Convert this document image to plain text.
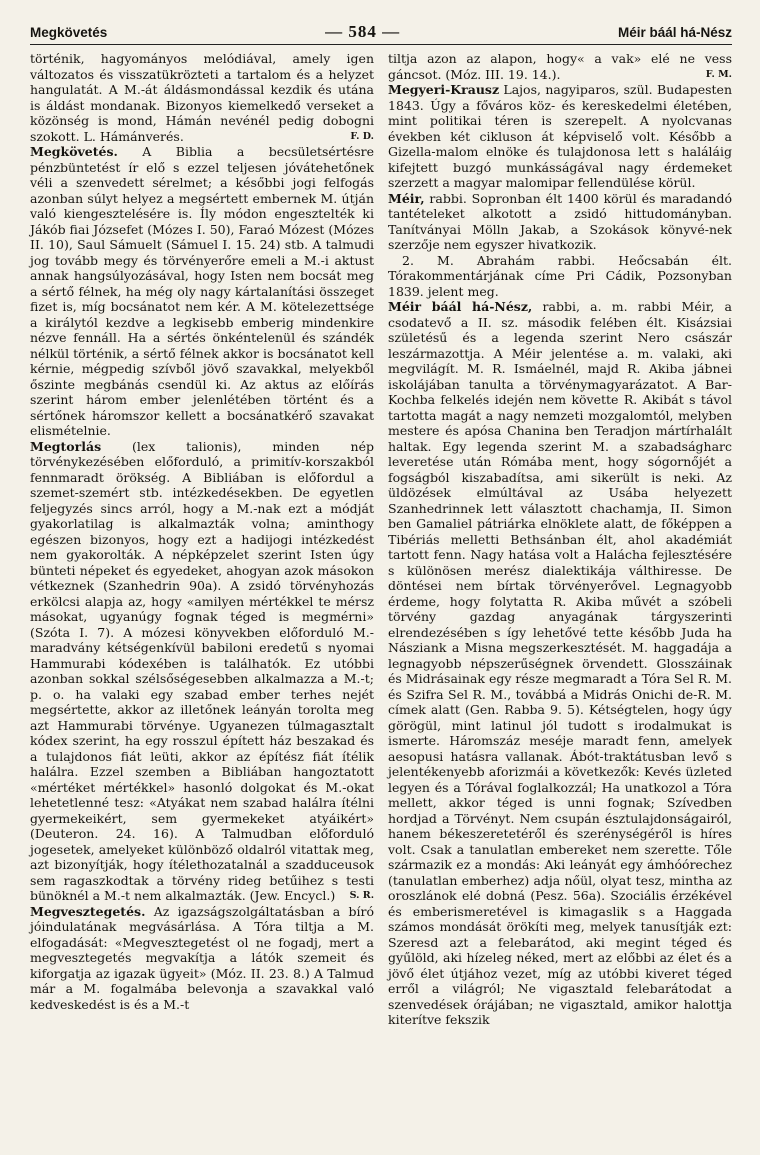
Megkövetés	— 584 —	Méir báál há-Nész

történik, hagyományos melódiával, amely igen változatos és visszatükrözteti a tartalom és a helyzet hangulatát. A M.-át áldásmondással kezdik és utána is áldást mondanak. Bizonyos kiemelkedő verseket a közönség is mond, Hámán nevénél pedig dobogni szokott. L. Hámánverés.	F. D.

Megkövetés. A Biblia a becsületsértésre pénzbüntetést ír elő s ezzel teljesen jóvátehetőnek véli a szenvedett sérelmet; a későbbi jogi felfogás azonban súlyt helyez a megsértett embernek M. útján való kiengesztelésére is. Íly módon engesztelték ki Jákób fiai Józsefet (Mózes I. 50), Faraó Mózest (Mózes II. 10), Saul Sámuelt (Sámuel I. 15. 24) stb. A talmudi jog tovább megy és törvényerőre emeli a M.-i aktust annak hangsúlyozásával, hogy Isten nem bocsát meg a sértő félnek, ha még oly nagy kártalanítási összeget fizet is, míg bocsánatot nem kér. A M. kötelezettsége a királytól kezdve a legkisebb emberig mindenkire nézve fennáll. Ha a sértés önkéntelenül és szándék nélkül történik, a sértő félnek akkor is bocsánatot kell kérnie, mégpedig szívből jövő szavakkal, melyekből őszinte megbánás csendül ki. Az aktus az előírás szerint három ember jelenlétében történt és a sértőnek háromszor kellett a bocsánatkérő szavakat elismételnie.

Megtorlás (lex talionis), minden nép törvénykezésében előforduló, a primitív-korszakból fennmaradt örökség. A Bibliában is előfordul a szemet-szemért stb. intézkedésekben. De egyetlen feljegyzés sincs arról, hogy a M.-nak ezt a módját gyakorlatilag is alkalmazták volna; aminthogy egészen bizonyos, hogy ezt a hadijogi intézkedést nem gyakorolták. A népképzelet szerint Isten úgy bünteti népeket és egyedeket, ahogyan azok másokon vétkeznek (Szanhedrin 90a). A zsidó törvényhozás erkölcsi alapja az, hogy «amilyen mértékkel te mérsz másokat, ugyanúgy fognak téged is megmérni» (Szóta I. 7). A mózesi könyvekben előforduló M.-maradvány kétségenkívül babiloni eredetű s nyomai Hammurabi kódexében is találhatók. Ez utóbbi azonban sokkal szélsőségesebben alkalmazza a M.-t; p. o. ha valaki egy szabad ember terhes nejét megsértette, akkor az illetőnek leányán torolta meg azt Hammurabi törvénye. Ugyanezen túlmagasztalt kódex szerint, ha egy rosszul épített ház beszakad és a tulajdonos fiát leüti, akkor az építész fiát ítélik halálra. Ezzel szemben a Bibliában hangoztatott «mértéket mértékkel» hasonló dolgokat és M.-okat lehetetlenné tesz: «Atyákat nem szabad halálra ítélni gyermekeikért, sem gyermekeket atyáikért» (Deuteron. 24. 16). A Talmudban előforduló jogesetek, amelyeket különböző oldalról vitattak meg, azt bizonyítják, hogy ítélethozatalnál a szadduceusok sem ragaszkodtak a törvény rideg betűihez s testi bünöknél a M.-t nem alkalmazták. (Jew. Encycl.) S. R.

Megvesztegetés. Az igazságszolgáltatásban a bíró jóindulatának megvásárlása. A Tóra tiltja a M. elfogadását: «Megvesztegetést ol ne fogadj, mert a megvesztegetés megvakítja a látók szemeit és kiforgatja az igazak ügyeit» (Móz. II. 23. 8.) A Talmud már a M. fogalmába belevonja a szavakkal való kedveskedést is és a M.-t

tiltja azon az alapon, hogy« a vak» elé ne vess gáncsot. (Móz. III. 19. 14.).	F. M.

Megyeri-Krausz Lajos, nagyiparos, szül. Budapesten 1843. Úgy a főváros köz- és kereskedelmi életében, mint politikai téren is szerepelt. A nyolcvanas években két cikluson át képviselő volt. Később a Gizella-malom elnöke és tulajdonosa lett s haláláig kifejtett buzgó munkásságával nagy érdemeket szerzett a magyar malomipar fellendülése körül.

Méir, rabbi. Sopronban élt 1400 körül és maradandó tantételeket alkotott a zsidó hittudományban. Tanítványai Mölln Jakab, a Szokások könyvé-nek szerzője nem egyszer hivatkozik.

2. M. Abrahám rabbi. Heőcsabán élt. Tórakommentárjának címe Pri Cádik, Pozsonyban 1839. jelent meg.

Méir báál há-Nész, rabbi, a. m. rabbi Méir, a csodatevő a II. sz. második felében élt. Kisázsiai születésű és a legenda szerint Nero császár leszármazottja. A Méir jelentése a. m. valaki, aki megvilágít. M. R. Ismáelnél, majd R. Akiba jábnei iskolájában tanulta a törvénymagyarázatot. A Bar-Kochba felkelés idején nem követte R. Akibát s távol tartotta magát a nagy nemzeti mozgalomtól, melyben mestere és apósa Chanina ben Teradjon mártírhalált haltak. Egy legenda szerint M. a szabadságharc leveretése után Rómába ment, hogy sógornőjét a fogságból kiszabadítsa, ami sikerült is neki. Az üldözések elmúltával az Usába helyezett Szanhedrinnek lett választott chachamja, II. Simon ben Gamaliel pátriárka elnöklete alatt, de főképpen a Tibériás melletti Bethsánban élt, ahol akadémiát tartott fenn. Nagy hatása volt a Halácha fejlesztésére s különösen merész dialektikája válthiresse. De döntései nem bírtak törvényerővel. Legnagyobb érdeme, hogy folytatta R. Akiba művét a szóbeli törvény gazdag anyagának tárgyszerinti elrendezésében s így lehetővé tette később Juda ha Násziank a Misna megszerkesztését. M. haggadája a legnagyobb népszerűségnek örvendett. Glosszáinak és Midrásainak egy része megmaradt a Tóra Sel R. M. és Szifra Sel R. M., továbbá a Midrás Onichi de-R. M. címek alatt (Gen. Rabba 9. 5). Kétségtelen, hogy úgy görögül, mint latinul jól tudott s irodalmukat is ismerte. Háromszáz meséje maradt fenn, amelyek aesopusi hatásra vallanak. Ábót-traktátusban levő s jelentékenyebb aforizmái a következők: Kevés üzleted legyen és a Tórával foglalkozzál; Ha unatkozol a Tóra mellett, akkor téged is unni fognak; Szívedben hordjad a Törvényt. Nem csupán észtulajdonságairól, hanem békeszeretetéről és szerénységéről is híres volt. Csak a tanulatlan embereket nem szerette. Tőle származik ez a mondás: Aki leányát egy ámhóórechez (tanulatlan emberhez) adja nőül, olyat tesz, mintha az oroszlánok elé dobná (Pesz. 56a). Szociális érzékével és emberismeretével is kimagaslik s a Haggada számos mondását örökíti meg, melyek tanusítják ezt: Szeresd azt a felebarátod, aki megint téged és gyűlöld, aki hízeleg néked, mert az előbbi az élet és a jövő élet útjához vezet, míg az utóbbi kiveret téged erről a világról; Ne vigasztald felebarátodat a szenvedések órájában; ne vigasztald, amikor halottja kiterítve fekszik
